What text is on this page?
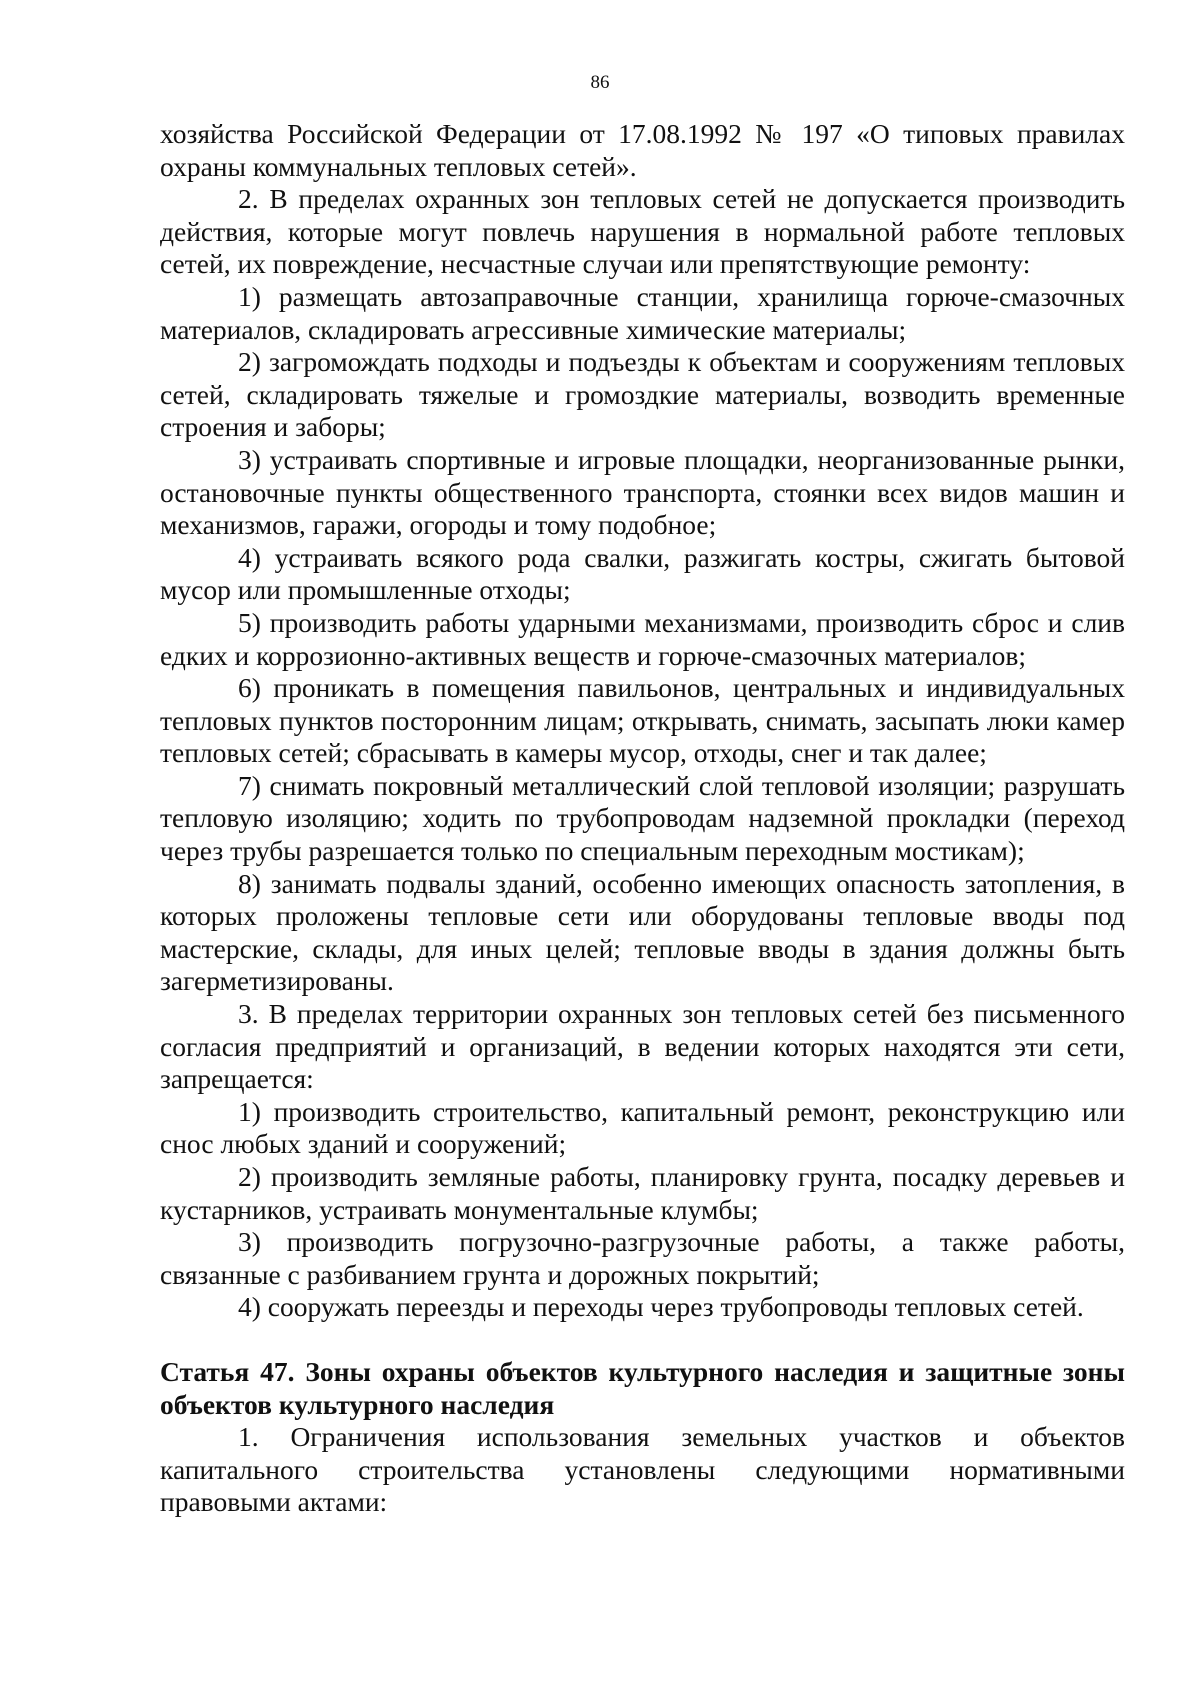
86

хозяйства Российской Федерации от 17.08.1992 № 197 «О типовых правилах охраны коммунальных тепловых сетей».

2. В пределах охранных зон тепловых сетей не допускается производить действия, которые могут повлечь нарушения в нормальной работе тепловых сетей, их повреждение, несчастные случаи или препятствующие ремонту:

1) размещать автозаправочные станции, хранилища горюче-смазочных материалов, складировать агрессивные химические материалы;

2) загромождать подходы и подъезды к объектам и сооружениям тепловых сетей, складировать тяжелые и громоздкие материалы, возводить временные строения и заборы;

3) устраивать спортивные и игровые площадки, неорганизованные рынки, остановочные пункты общественного транспорта, стоянки всех видов машин и механизмов, гаражи, огороды и тому подобное;

4) устраивать всякого рода свалки, разжигать костры, сжигать бытовой мусор или промышленные отходы;

5) производить работы ударными механизмами, производить сброс и слив едких и коррозионно-активных веществ и горюче-смазочных материалов;

6) проникать в помещения павильонов, центральных и индивидуальных тепловых пунктов посторонним лицам; открывать, снимать, засыпать люки камер тепловых сетей; сбрасывать в камеры мусор, отходы, снег и так далее;

7) снимать покровный металлический слой тепловой изоляции; разрушать тепловую изоляцию; ходить по трубопроводам надземной прокладки (переход через трубы разрешается только по специальным переходным мостикам);

8) занимать подвалы зданий, особенно имеющих опасность затопления, в которых проложены тепловые сети или оборудованы тепловые вводы под мастерские, склады, для иных целей; тепловые вводы в здания должны быть загерметизированы.

3. В пределах территории охранных зон тепловых сетей без письменного согласия предприятий и организаций, в ведении которых находятся эти сети, запрещается:

1) производить строительство, капитальный ремонт, реконструкцию или снос любых зданий и сооружений;

2) производить земляные работы, планировку грунта, посадку деревьев и кустарников, устраивать монументальные клумбы;

3) производить погрузочно-разгрузочные работы, а также работы, связанные с разбиванием грунта и дорожных покрытий;

4) сооружать переезды и переходы через трубопроводы тепловых сетей.

Статья 47. Зоны охраны объектов культурного наследия и защитные зоны объектов культурного наследия

1. Ограничения использования земельных участков и объектов капитального строительства установлены следующими нормативными правовыми актами:
